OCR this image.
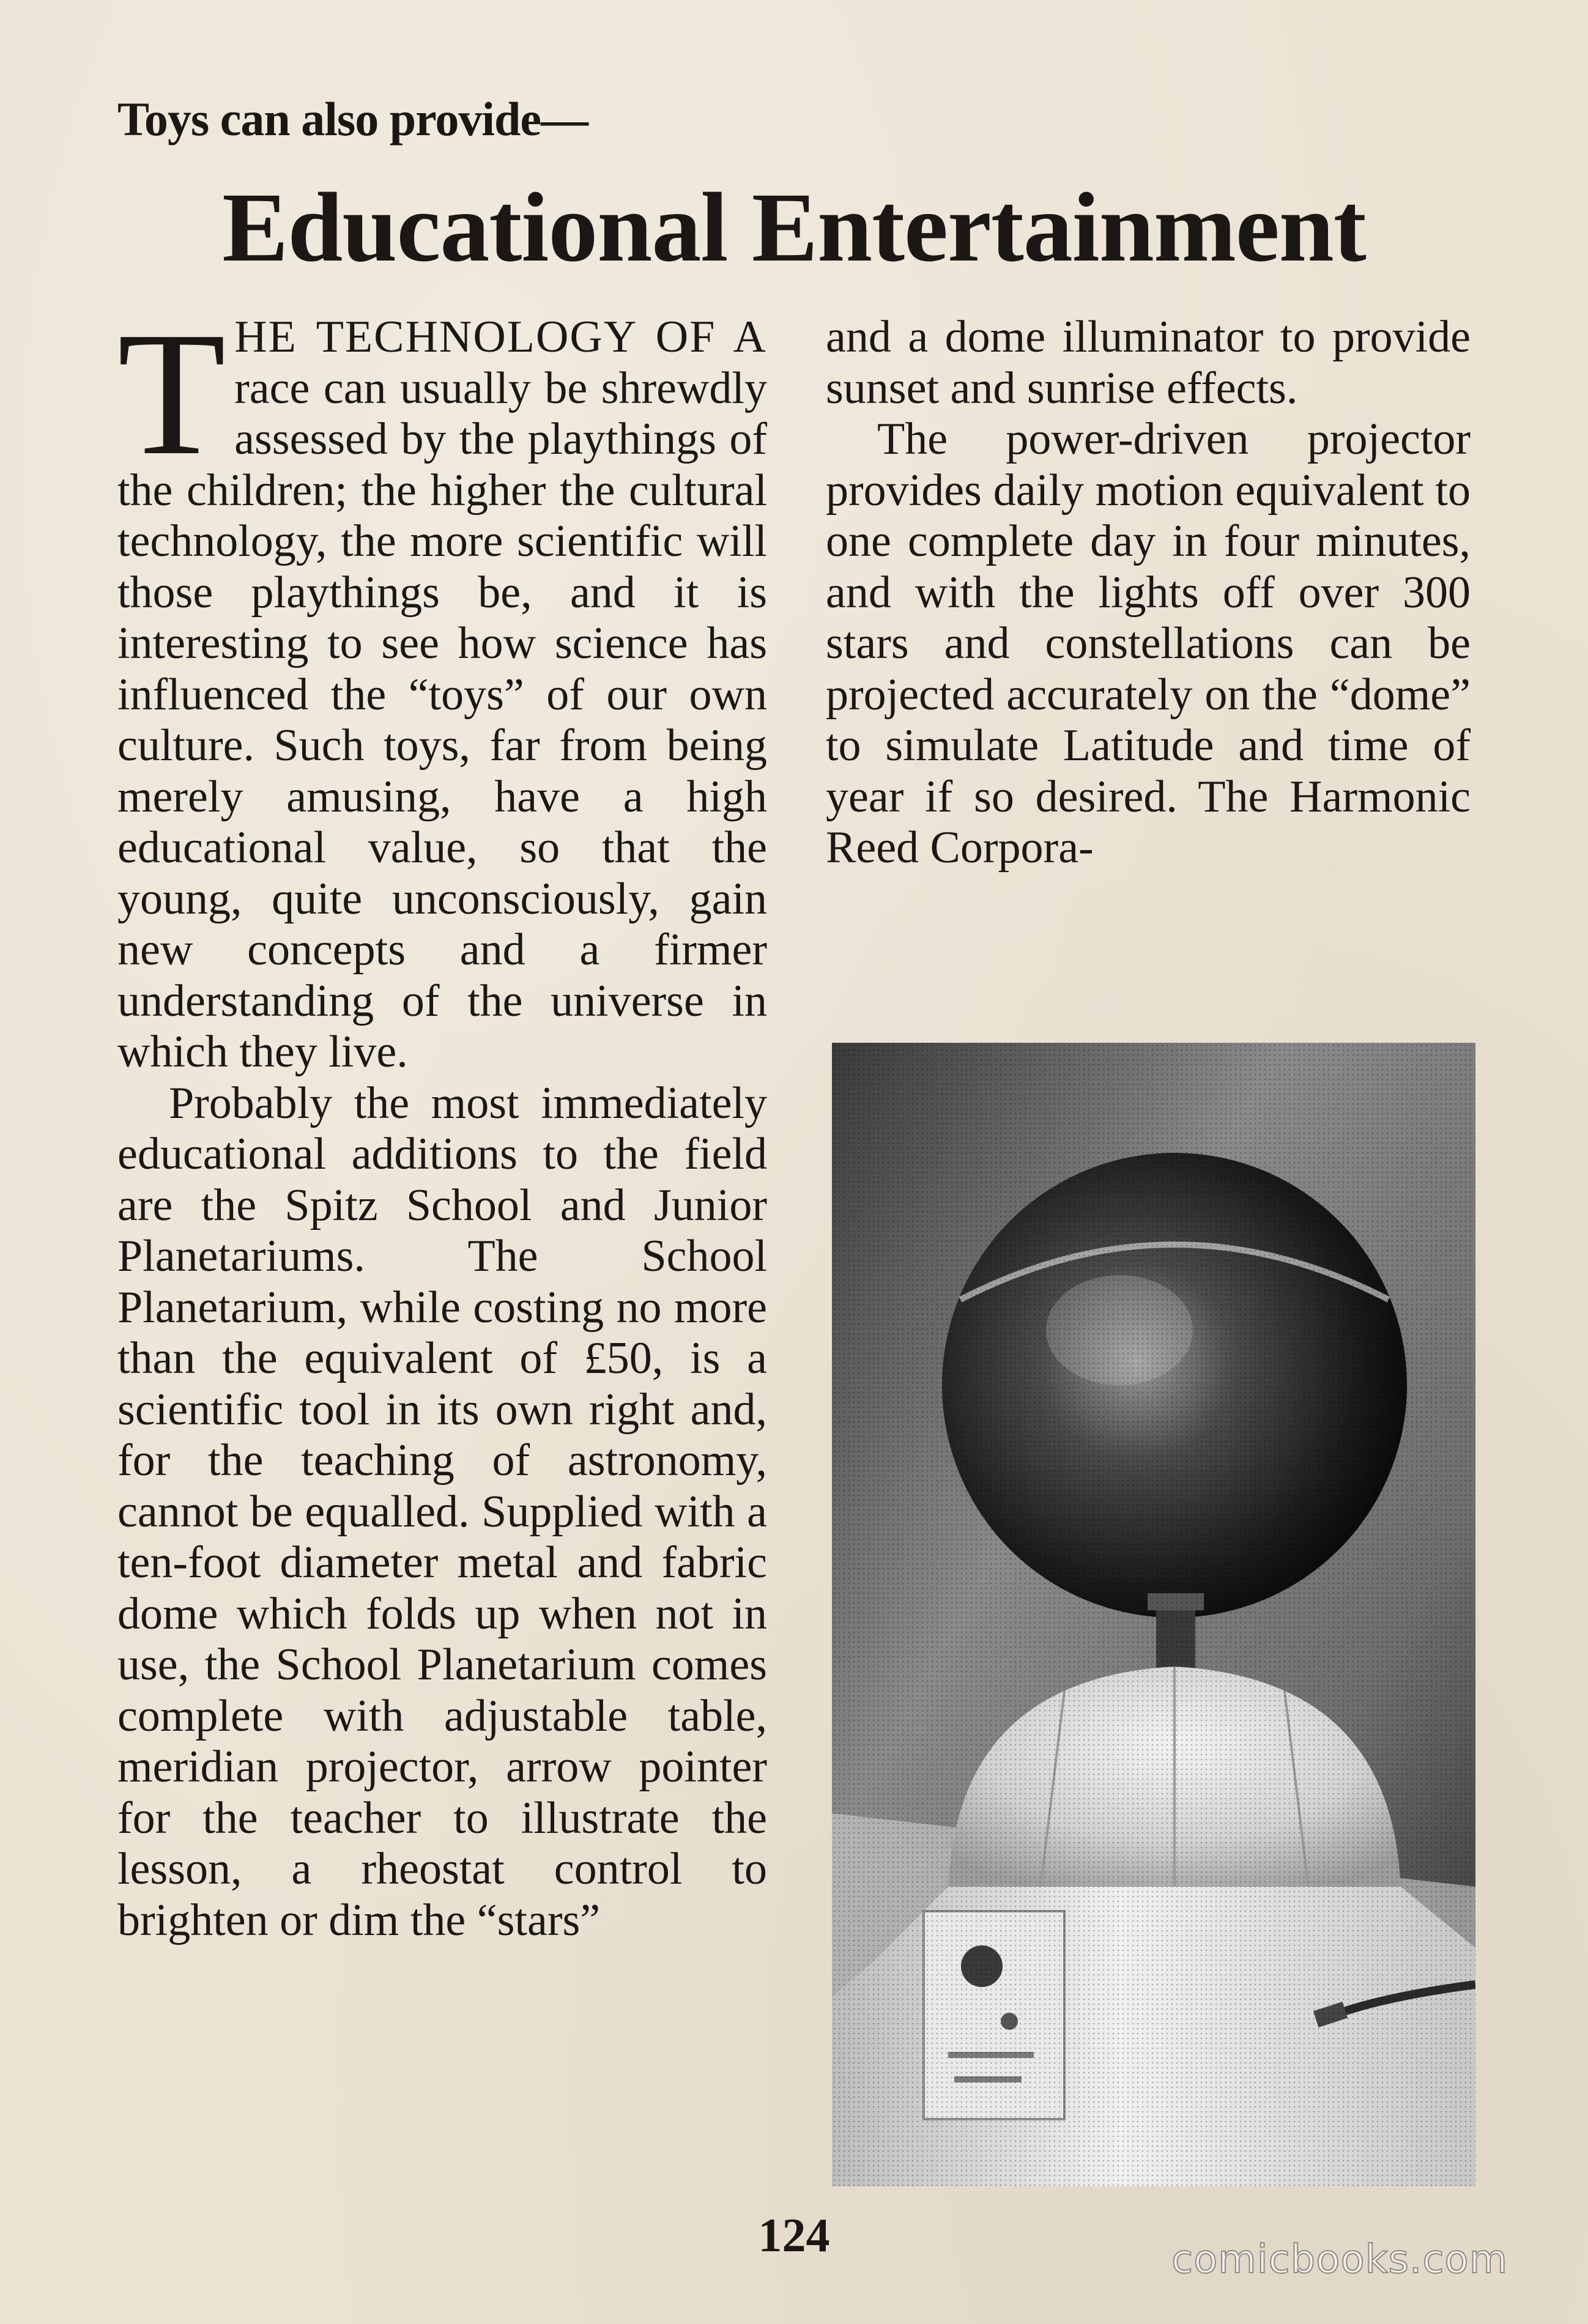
Toys can also provide—
Educational Entertainment

THE TECHNOLOGY OF A race can usually be shrewdly assessed by the playthings of the children; the higher the cultural technology, the more scientific will those playthings be, and it is interesting to see how science has influenced the “toys” of our own culture. Such toys, far from being merely amusing, have a high educational value, so that the young, quite unconsciously, gain new concepts and a firmer understanding of the universe in which they live.

Probably the most immediately educational additions to the field are the Spitz School and Junior Planetariums. The School Planetarium, while costing no more than the equivalent of £50, is a scientific tool in its own right and, for the teaching of astronomy, cannot be equalled. Supplied with a ten-foot diameter metal and fabric dome which folds up when not in use, the School Planetarium comes complete with adjustable table, meridian projector, arrow pointer for the teacher to illustrate the lesson, a rheostat control to brighten or dim the “stars”

and a dome illuminator to provide sunset and sunrise effects.

The power-driven projector provides daily motion equivalent to one complete day in four minutes, and with the lights off over 300 stars and constellations can be projected accurately on the “dome” to simulate Latitude and time of year if so desired. The Harmonic Reed Corpora-

124	comicbooks.com
